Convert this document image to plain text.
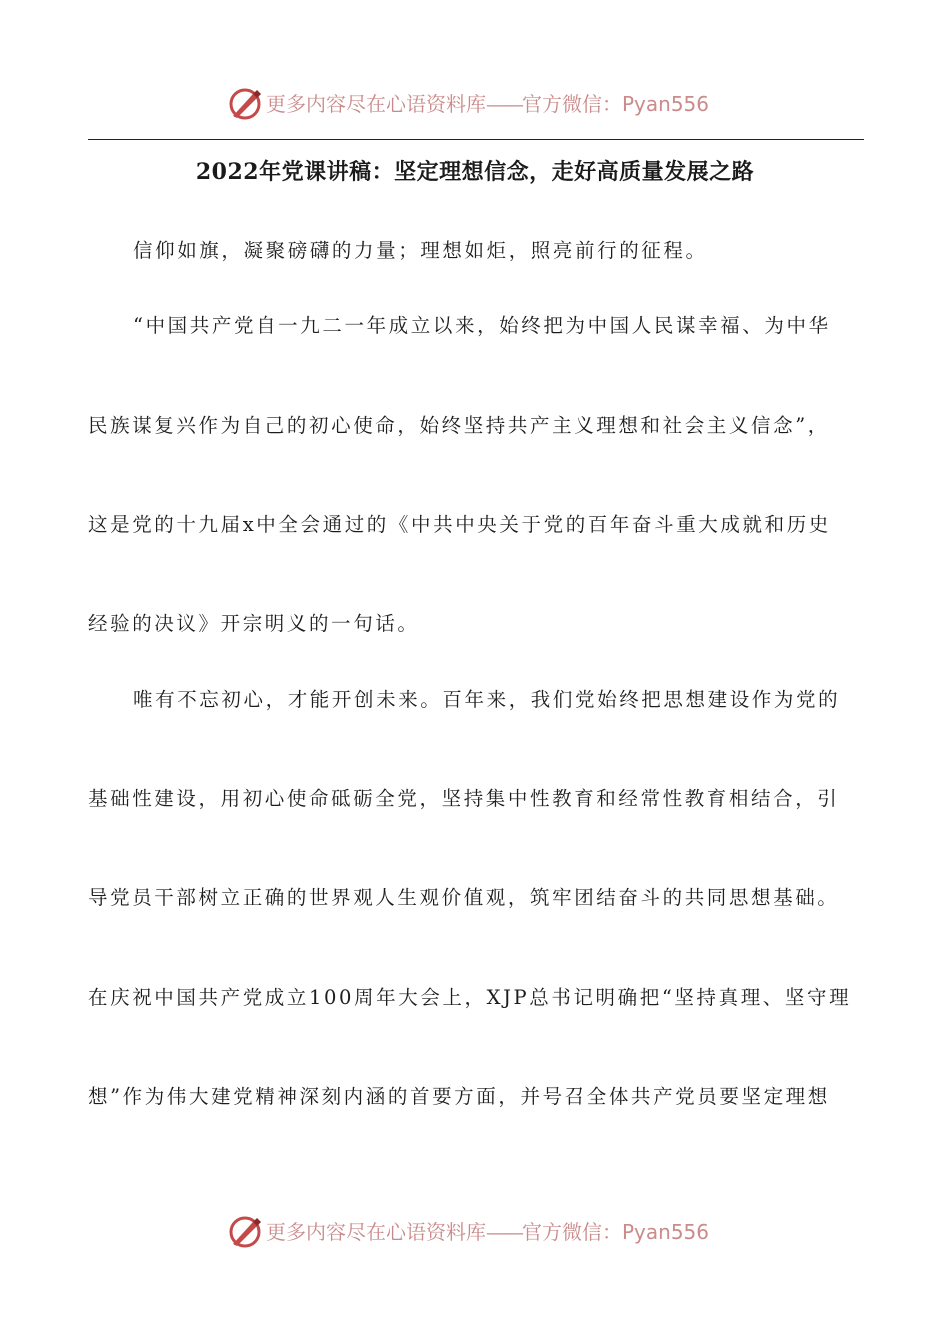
更多内容尽在心语资料库——官方微信：Pyan556
2022年党课讲稿：坚定理想信念，走好高质量发展之路
信仰如旗，凝聚磅礴的力量；理想如炬，照亮前行的征程。
“中国共产党自一九二一年成立以来，始终把为中国人民谋幸福、为中华
民族谋复兴作为自己的初心使命，始终坚持共产主义理想和社会主义信念”，
这是党的十九届x中全会通过的《中共中央关于党的百年奋斗重大成就和历史
经验的决议》开宗明义的一句话。
唯有不忘初心，才能开创未来。百年来，我们党始终把思想建设作为党的
基础性建设，用初心使命砥砺全党，坚持集中性教育和经常性教育相结合，引
导党员干部树立正确的世界观人生观价值观，筑牢团结奋斗的共同思想基础。
在庆祝中国共产党成立100周年大会上，XJP总书记明确把“坚持真理、坚守理
想”作为伟大建党精神深刻内涵的首要方面，并号召全体共产党员要坚定理想
更多内容尽在心语资料库——官方微信：Pyan556
